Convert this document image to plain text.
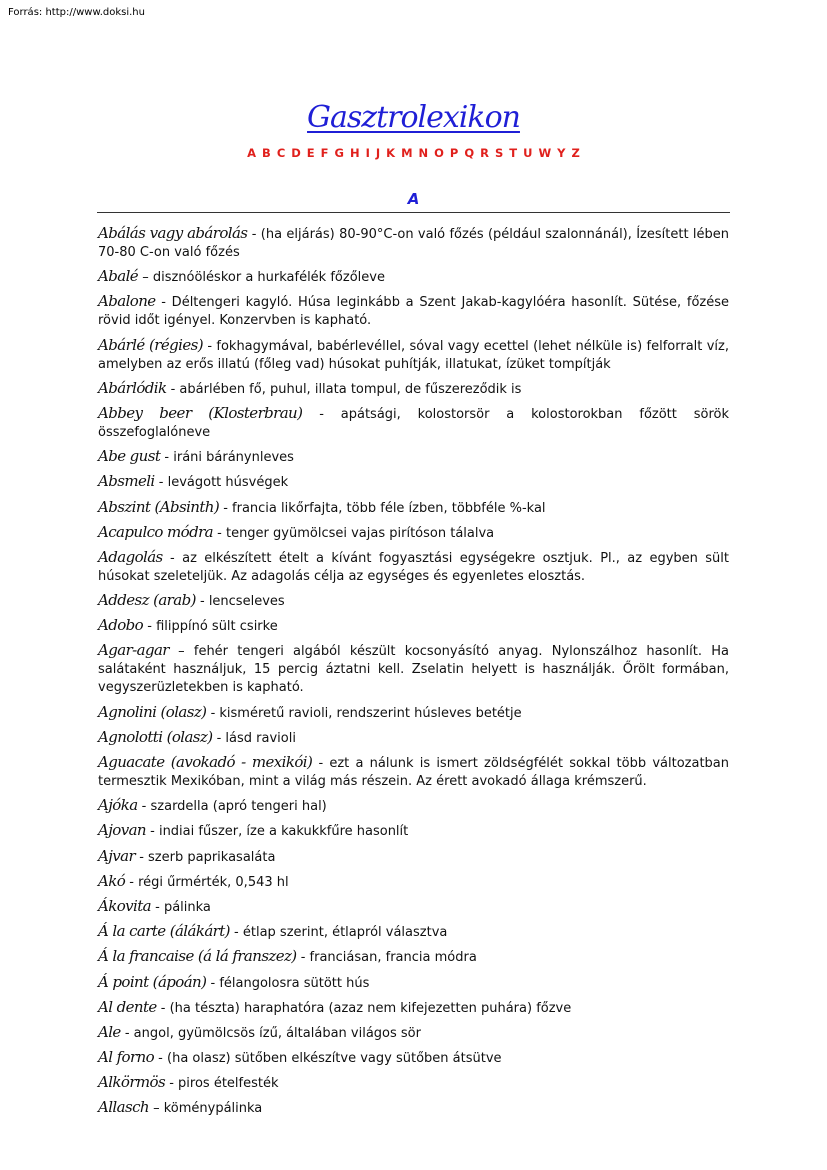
Forrás: http://www.doksi.hu
Gasztrolexikon
A B C D E F G H I J K M N O P Q R S T U W Y Z
A
Abálás vagy abárolás - (ha eljárás) 80-90°C-on való főzés (például szalonnánál), Ízesített lében 70-80 C-on való főzés
Abalé – disznóöléskor a hurkafélék főzőleve
Abalone - Déltengeri kagyló. Húsa leginkább a Szent Jakab-kagylóéra hasonlít. Sütése, főzése rövid időt igényel. Konzervben is kapható.
Abárlé (régies) - fokhagymával, babérlevéllel, sóval vagy ecettel (lehet nélküle is) felforralt víz, amelyben az erős illatú (főleg vad) húsokat puhítják, illatukat, ízüket tompítják
Abárlódik - abárlében fő, puhul, illata tompul, de fűszereződik is
Abbey beer (Klosterbrau) - apátsági, kolostorsör a kolostorokban főzött sörök összefoglalóneve
Abe gust - iráni báránynleves
Absmeli - levágott húsvégek
Abszint (Absinth) - francia likőrfajta, több féle ízben, többféle %-kal
Acapulco módra - tenger gyümölcsei vajas pirítóson tálalva
Adagolás - az elkészített ételt a kívánt fogyasztási egységekre osztjuk. Pl., az egyben sült húsokat szeleteljük. Az adagolás célja az egységes és egyenletes elosztás.
Addesz (arab) - lencseleves
Adobo - filippínó sült csirke
Agar-agar – fehér tengeri algából készült kocsonyásító anyag. Nylonszálhoz hasonlít. Ha salátaként használjuk, 15 percig áztatni kell. Zselatin helyett is használják. Őrölt formában, vegyszerüzletekben is kapható.
Agnolini (olasz) - kisméretű ravioli, rendszerint húsleves betétje
Agnolotti (olasz) - lásd ravioli
Aguacate (avokadó - mexikói) - ezt a nálunk is ismert zöldségfélét sokkal több változatban termesztik Mexikóban, mint a világ más részein. Az érett avokadó állaga krémszerű.
Ajóka - szardella (apró tengeri hal)
Ajovan - indiai fűszer, íze a kakukkfűre hasonlít
Ajvar - szerb paprikasaláta
Akó - régi űrmérték, 0,543 hl
Ákovita - pálinka
Á la carte (álákárt) - étlap szerint, étlapról választva
Á la francaise (á lá franszez) - franciásan, francia módra
Á point (ápoán) - félangolosra sütött hús
Al dente - (ha tészta) haraphatóra (azaz nem kifejezetten puhára) főzve
Ale - angol, gyümölcsös ízű, általában világos sör
Al forno - (ha olasz) sütőben elkészítve vagy sütőben átsütve
Alkörmös - piros ételfesték
Allasch – köménypálinka
